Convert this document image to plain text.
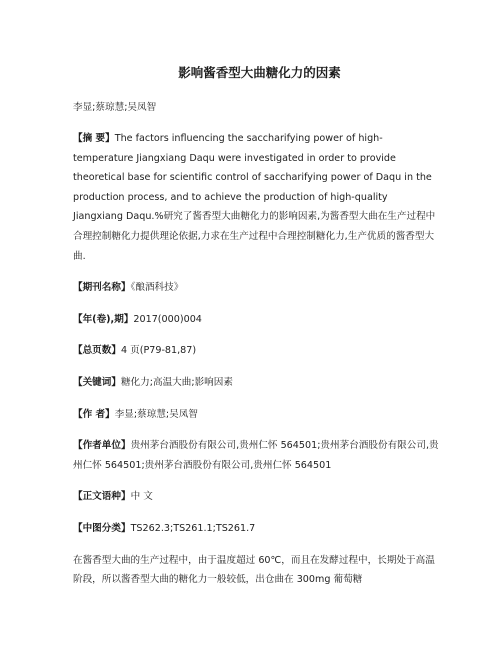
影响酱香型大曲糖化力的因素
李显;蔡琼慧;吴凤智
【摘 要】The factors influencing the saccharifying power of high-temperature Jiangxiang Daqu were investigated in order to provide theoretical base for scientific control of saccharifying power of Daqu in the production process, and to achieve the production of high-quality Jiangxiang Daqu.%研究了酱香型大曲糖化力的影响因素,为酱香型大曲在生产过程中合理控制糖化力提供理论依据,力求在生产过程中合理控制糖化力,生产优质的酱香型大曲.
【期刊名称】《酿酒科技》
【年(卷),期】2017(000)004
【总页数】4 页(P79-81,87)
【关键词】糖化力;高温大曲;影响因素
【作 者】李显;蔡琼慧;吴凤智
【作者单位】贵州茅台酒股份有限公司,贵州仁怀 564501;贵州茅台酒股份有限公司,贵州仁怀 564501;贵州茅台酒股份有限公司,贵州仁怀 564501
【正文语种】中 文
【中图分类】TS262.3;TS261.1;TS261.7
在酱香型大曲的生产过程中，由于温度超过 60℃，而且在发酵过程中，长期处于高温阶段，所以酱香型大曲的糖化力一般较低，出仓曲在 300mg 葡萄糖
